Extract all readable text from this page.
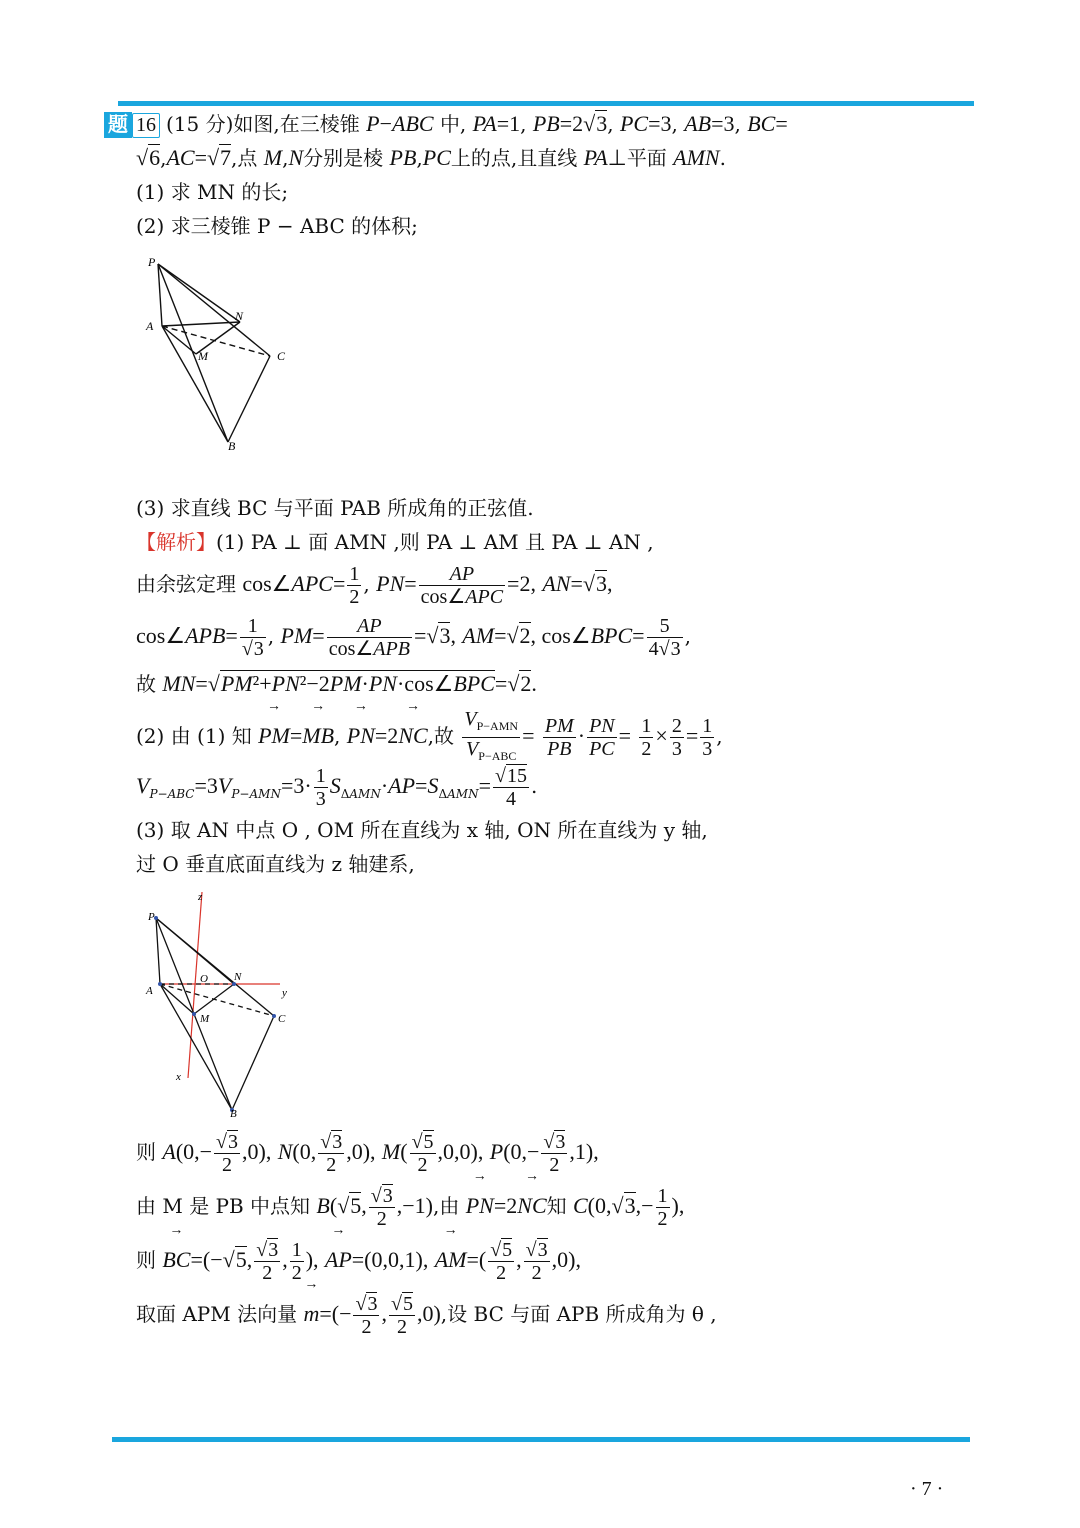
题 16 (15 分)如图,在三棱锥 P−ABC 中, PA=1, PB=2√3, PC=3, AB=3, BC=
√6,AC=√7,点 M,N分别是棱 PB,PC上的点,且直线 PA⊥平面 AMN.
(1) 求 MN 的长;
(2) 求三棱锥 P − ABC 的体积;
P
A
N
M	C
B
(3) 求直线 BC 与平面 PAB 所成角的正弦值.
【解析】(1) PA ⊥ 面 AMN ,则 PA ⊥ AM 且 PA ⊥ AN ,
由余弦定理 cos∠APC= $\frac{1}{2}$ , $PN= \frac{AP}{\text{cos∠APC}} =2$, AN=√3,
cos∠APB= $\frac{1}{√3}$ , $PM= \frac{AP}{\text{cos∠APB}} =√3$, AM=√2, cos∠BPC= $\frac{5}{4√3}$ ,
故 MN=√PM²+PN²−2PM·PN·cos∠BPC=√2.
(2) 由 (1) 知 → PM=→ MB, → PN=2→ NC,故 $\frac{V_{P-AMN}}{V_{P-ABC}} = \frac{PM}{PB} \cdot \frac{PN}{PC} = \frac{1}{2} \times \frac{2}{3} = \frac{1}{3}$ ,
$V_{P-ABC}=3V_{P-AMN}=3\cdot \frac{1}{3} S_{\Delta AMN}\cdot AP=S_{\Delta AMN}= \frac{√15}{4}$ .
(3) 取 AN 中点 O , OM 所在直线为 x 轴, ON 所在直线为 y 轴,
过 O 垂直底面直线为 z 轴建系,
P
A
O N
M	C
B
x
y
z
则 $A(0,- \frac{√3}{2} ,0)$, N(0, $\frac{√3}{2} ,0$), $M( \frac{√5}{2} ,0,0)$, $P(0,- \frac{√3}{2} ,1)$,
由 M 是 PB 中点知 B(√5, $\frac{√3}{2} ,-1$),由 → PN=2→ NC知 $C(0,√3,- \frac{1}{2}$ ),
则 → BC=(−√5, $\frac{√3}{2}$ , $\frac{1}{2}$ ), → AP=(0,0,1), → $AM=( \frac{√5}{2}$ , $\frac{√3}{2} ,0$),
取面 APM 法向量 → $m=(- \frac{√3}{2}$ , $\frac{√5}{2} ,0$),设 BC 与面 APB 所成角为 θ ,
· 7 ·
